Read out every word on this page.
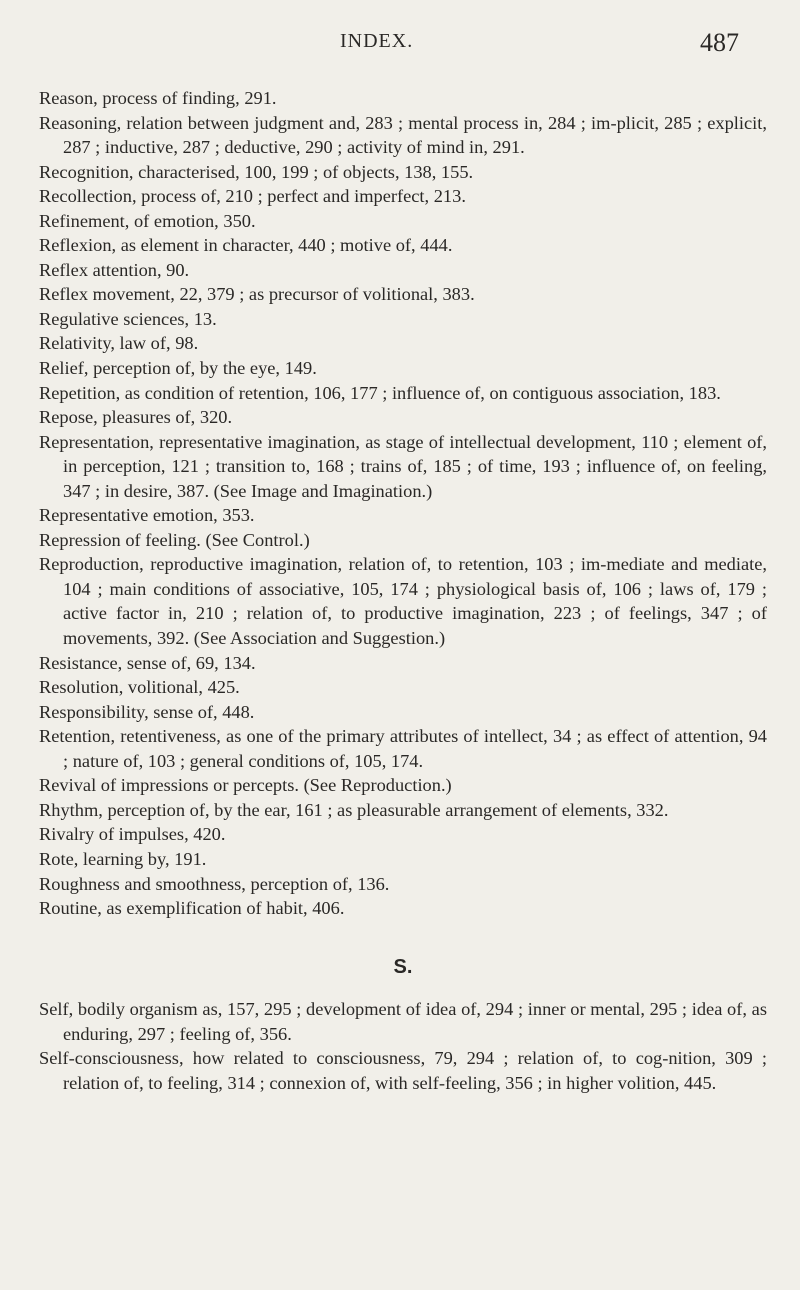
INDEX.	487

Reason, process of finding, 291.

Reasoning, relation between judgment and, 283 ; mental process in, 284 ; im-plicit, 285 ; explicit, 287 ; inductive, 287 ; deductive, 290 ; activity of mind in, 291.

Recognition, characterised, 100, 199 ; of objects, 138, 155.

Recollection, process of, 210 ; perfect and imperfect, 213.

Refinement, of emotion, 350.

Reflexion, as element in character, 440 ; motive of, 444.

Reflex attention, 90.

Reflex movement, 22, 379 ; as precursor of volitional, 383.

Regulative sciences, 13.

Relativity, law of, 98.

Relief, perception of, by the eye, 149.

Repetition, as condition of retention, 106, 177 ; influence of, on contiguous association, 183.

Repose, pleasures of, 320.

Representation, representative imagination, as stage of intellectual development, 110 ; element of, in perception, 121 ; transition to, 168 ; trains of, 185 ; of time, 193 ; influence of, on feeling, 347 ; in desire, 387. (See Image and Imagination.)

Representative emotion, 353.

Repression of feeling. (See Control.)

Reproduction, reproductive imagination, relation of, to retention, 103 ; im-mediate and mediate, 104 ; main conditions of associative, 105, 174 ; physiological basis of, 106 ; laws of, 179 ; active factor in, 210 ; relation of, to productive imagination, 223 ; of feelings, 347 ; of movements, 392. (See Association and Suggestion.)

Resistance, sense of, 69, 134.

Resolution, volitional, 425.

Responsibility, sense of, 448.

Retention, retentiveness, as one of the primary attributes of intellect, 34 ; as effect of attention, 94 ; nature of, 103 ; general conditions of, 105, 174.

Revival of impressions or percepts. (See Reproduction.)

Rhythm, perception of, by the ear, 161 ; as pleasurable arrangement of elements, 332.

Rivalry of impulses, 420.

Rote, learning by, 191.

Roughness and smoothness, perception of, 136.

Routine, as exemplification of habit, 406.

S.

Self, bodily organism as, 157, 295 ; development of idea of, 294 ; inner or mental, 295 ; idea of, as enduring, 297 ; feeling of, 356.

Self-consciousness, how related to consciousness, 79, 294 ; relation of, to cog-nition, 309 ; relation of, to feeling, 314 ; connexion of, with self-feeling, 356 ; in higher volition, 445.
